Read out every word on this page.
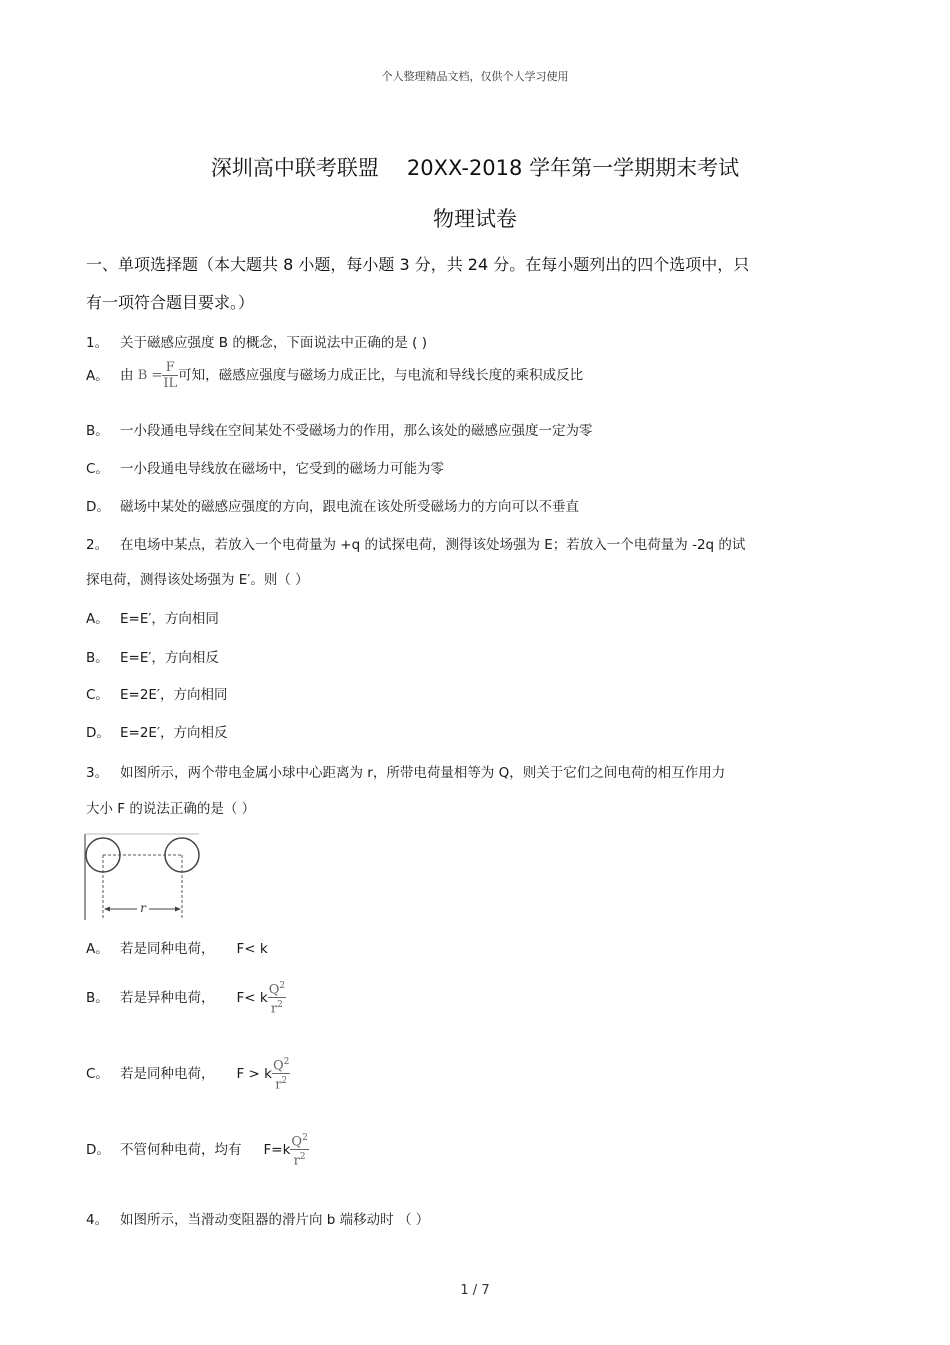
个人整理精品文档，仅供个人学习使用
深圳高中联考联盟 20XX-2018 学年第一学期期末考试
物理试卷
一、单项选择题（本大题共 8 小题，每小题 3 分，共 24 分。在每小题列出的四个选项中，只
有一项符合题目要求。）
1。 关于磁感应强度 B 的概念，下面说法中正确的是 ( )
A。 由 $B = \frac{F}{IL}$ 可知，磁感应强度与磁场力成正比，与电流和导线长度的乘积成反比
B。 一小段通电导线在空间某处不受磁场力的作用，那么该处的磁感应强度一定为零
C。 一小段通电导线放在磁场中，它受到的磁场力可能为零
D。 磁场中某处的磁感应强度的方向，跟电流在该处所受磁场力的方向可以不垂直
2。 在电场中某点，若放入一个电荷量为 +q 的试探电荷，测得该处场强为 E；若放入一个电荷量为 -2q 的试
探电荷，测得该处场强为 E′。则（ ）
A。 E=E′，方向相同
B。 E=E′，方向相反
C。 E=2E′，方向相同
D。 E=2E′，方向相反
3。 如图所示，两个带电金属小球中心距离为 r，所带电荷量相等为 Q，则关于它们之间电荷的相互作用力
大小 F 的说法正确的是（ ）
r
A。 若是同种电荷， F< k
B。 若是异种电荷， F< k $\frac{Q^2}{r^2}$
C。 若是同种电荷， F > k $\frac{Q^2}{r^2}$
D。 不管何种电荷，均有 $F=k \frac{Q^2}{r^2}$
4。 如图所示，当滑动变阻器的滑片向 b 端移动时 （ ）
1 / 7
